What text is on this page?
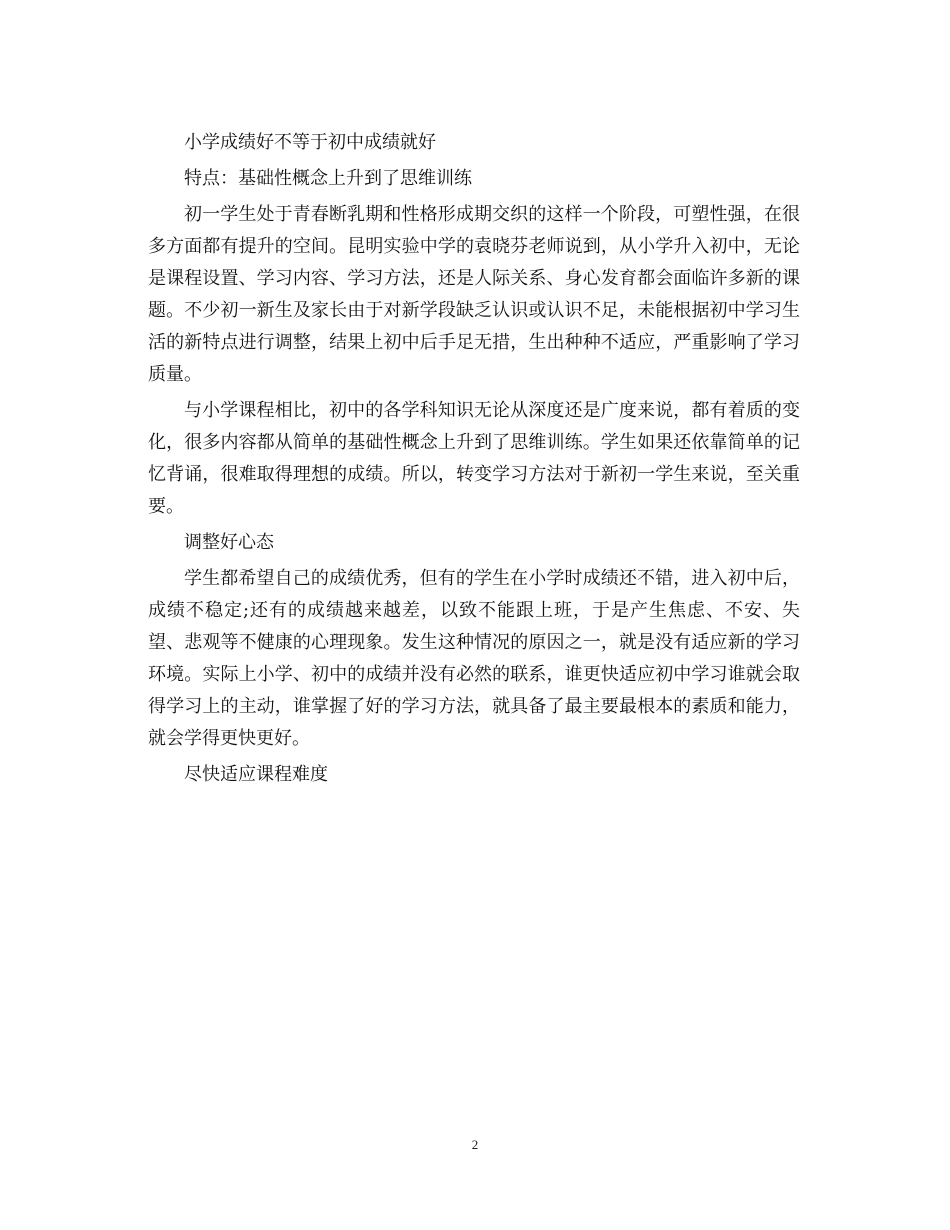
小学成绩好不等于初中成绩就好

特点：基础性概念上升到了思维训练

初一学生处于青春断乳期和性格形成期交织的这样一个阶段，可塑性强，在很多方面都有提升的空间。昆明实验中学的袁晓芬老师说到，从小学升入初中，无论是课程设置、学习内容、学习方法，还是人际关系、身心发育都会面临许多新的课题。不少初一新生及家长由于对新学段缺乏认识或认识不足，未能根据初中学习生活的新特点进行调整，结果上初中后手足无措，生出种种不适应，严重影响了学习质量。

与小学课程相比，初中的各学科知识无论从深度还是广度来说，都有着质的变化，很多内容都从简单的基础性概念上升到了思维训练。学生如果还依靠简单的记忆背诵，很难取得理想的成绩。所以，转变学习方法对于新初一学生来说，至关重要。

调整好心态

学生都希望自己的成绩优秀，但有的学生在小学时成绩还不错，进入初中后，成绩不稳定;还有的成绩越来越差，以致不能跟上班，于是产生焦虑、不安、失望、悲观等不健康的心理现象。发生这种情况的原因之一，就是没有适应新的学习环境。实际上小学、初中的成绩并没有必然的联系，谁更快适应初中学习谁就会取得学习上的主动，谁掌握了好的学习方法，就具备了最主要最根本的素质和能力，就会学得更快更好。

尽快适应课程难度

2
